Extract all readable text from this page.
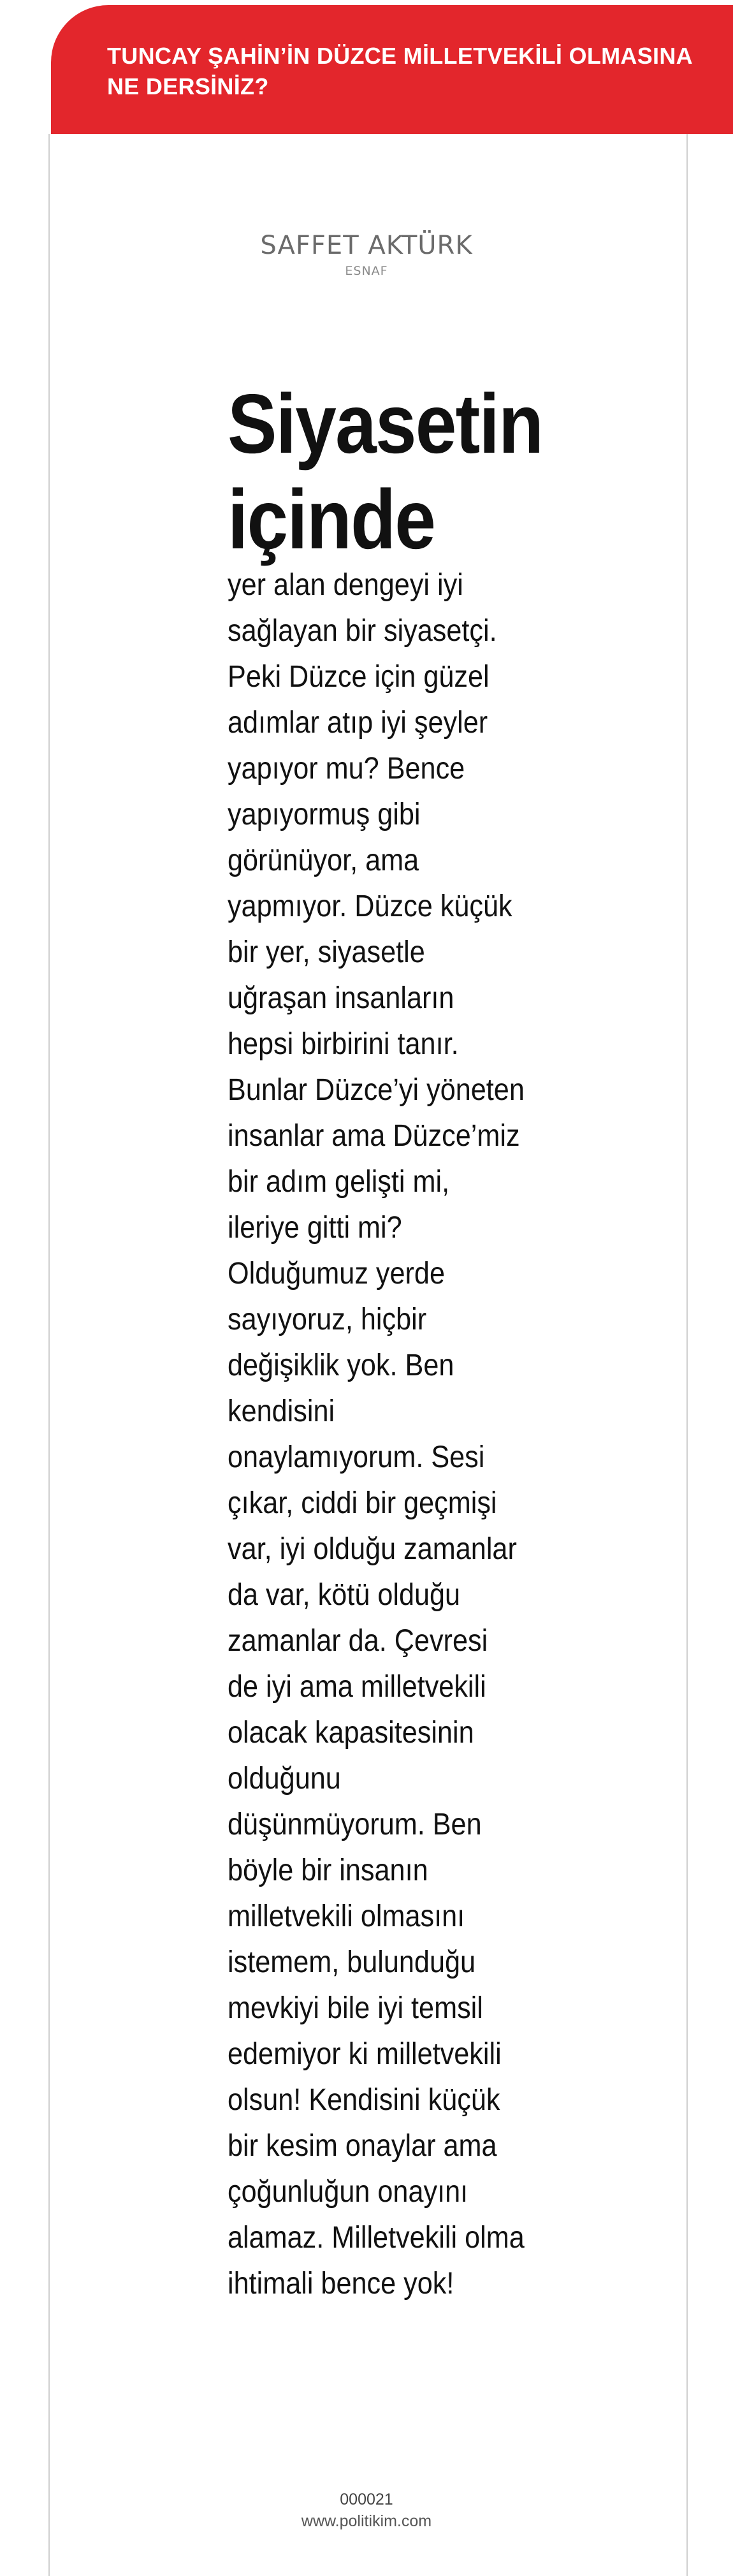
TUNCAY ŞAHİN’İN DÜZCE MİLLETVEKİLİ OLMASINA NE DERSİNİZ?
SAFFET AKTÜRK
ESNAF
Siyasetin
içinde

yer alan dengeyi iyi sağlayan bir siyasetçi. Peki Düzce için güzel adımlar atıp iyi şeyler yapıyor mu? Bence yapıyormuş gibi görünüyor, ama yapmıyor. Düzce küçük bir yer, siyasetle uğraşan insanların hepsi birbirini tanır. Bunlar Düzce’yi yöneten insanlar ama Düzce’miz bir adım gelişti mi, ileriye gitti mi? Olduğumuz yerde sayıyoruz, hiçbir değişiklik yok. Ben kendisini onaylamıyorum. Sesi çıkar, ciddi bir geçmişi var, iyi olduğu zamanlar da var, kötü olduğu zamanlar da. Çevresi de iyi ama milletvekili olacak kapasitesinin olduğunu düşünmüyorum. Ben böyle bir insanın milletvekili olmasını istemem, bulunduğu mevkiyi bile iyi temsil edemiyor ki milletvekili olsun! Kendisini küçük bir kesim onaylar ama çoğunluğun onayını alamaz. Milletvekili olma ihtimali bence yok!

000021
www.politikim.com
